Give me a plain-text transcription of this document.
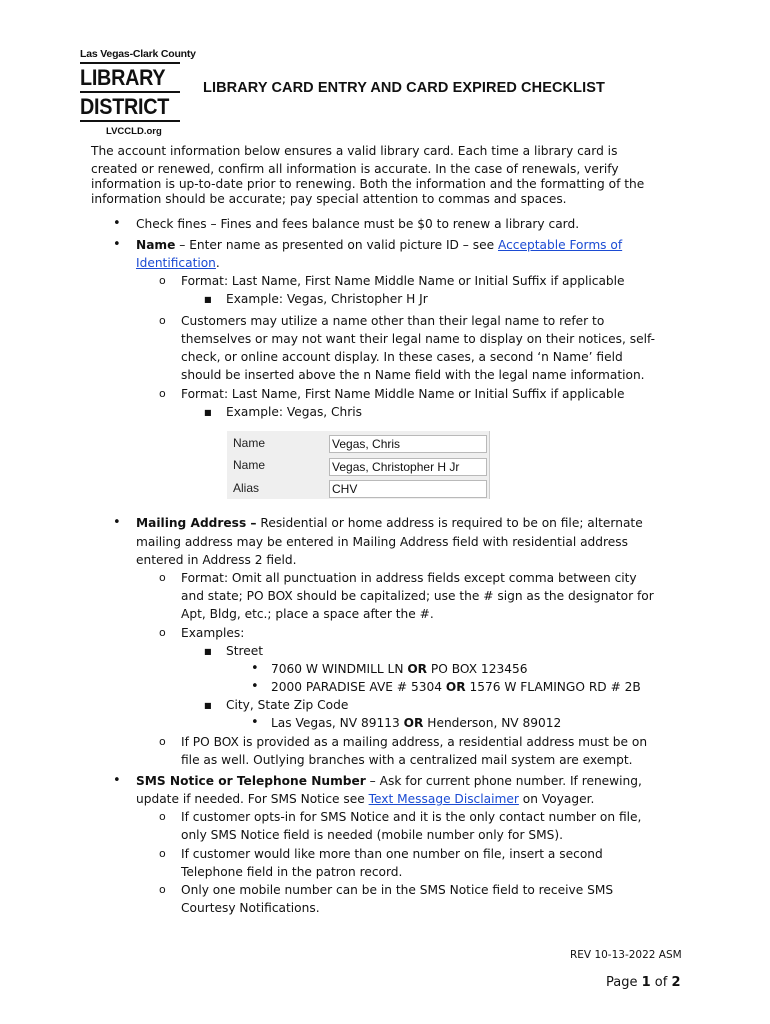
Las Vegas-Clark County
LIBRARY
DISTRICT
LVCCLD.org
LIBRARY CARD ENTRY AND CARD EXPIRED CHECKLIST
The account information below ensures a valid library card. Each time a library card is
created or renewed, confirm all information is accurate. In the case of renewals, verify
information is up-to-date prior to renewing. Both the information and the formatting of the
information should be accurate; pay special attention to commas and spaces.
• Check fines – Fines and fees balance must be $0 to renew a library card.
• Name – Enter name as presented on valid picture ID – see Acceptable Forms of
Identification.
o Format: Last Name, First Name Middle Name or Initial Suffix if applicable
■ Example: Vegas, Christopher H Jr
o Customers may utilize a name other than their legal name to refer to
themselves or may not want their legal name to display on their notices, self-
check, or online account display. In these cases, a second ‘n Name’ field
should be inserted above the n Name field with the legal name information.
o Format: Last Name, First Name Middle Name or Initial Suffix if applicable
■ Example: Vegas, Chris
Name	Vegas, Chris
Name	Vegas, Christopher H Jr
Alias	CHV
• Mailing Address – Residential or home address is required to be on file; alternate
mailing address may be entered in Mailing Address field with residential address
entered in Address 2 field.
o Format: Omit all punctuation in address fields except comma between city
and state; PO BOX should be capitalized; use the # sign as the designator for
Apt, Bldg, etc.; place a space after the #.
o Examples:
■ Street
• 7060 W WINDMILL LN OR PO BOX 123456
• 2000 PARADISE AVE # 5304 OR 1576 W FLAMINGO RD # 2B
■ City, State Zip Code
• Las Vegas, NV 89113 OR Henderson, NV 89012
o If PO BOX is provided as a mailing address, a residential address must be on
file as well. Outlying branches with a centralized mail system are exempt.
• SMS Notice or Telephone Number – Ask for current phone number. If renewing,
update if needed. For SMS Notice see Text Message Disclaimer on Voyager.
o If customer opts-in for SMS Notice and it is the only contact number on file,
only SMS Notice field is needed (mobile number only for SMS).
o If customer would like more than one number on file, insert a second
Telephone field in the patron record.
o Only one mobile number can be in the SMS Notice field to receive SMS
Courtesy Notifications.
REV 10-13-2022 ASM
Page 1 of 2
